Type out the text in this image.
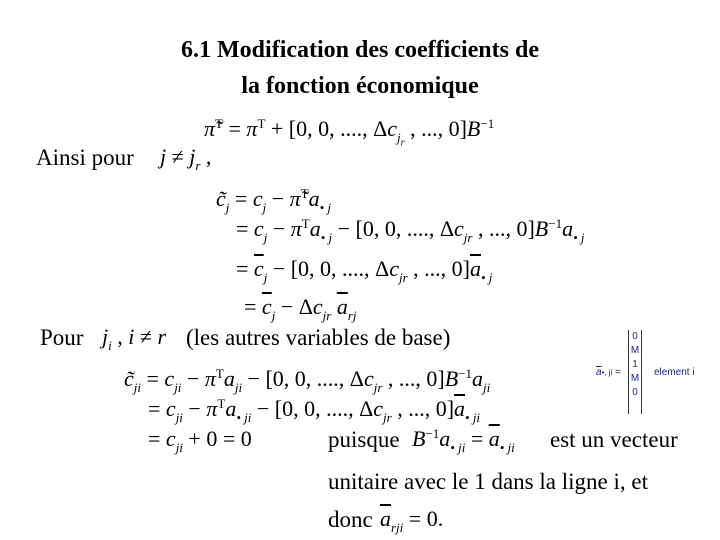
6.1 Modification des coefficients de
la fonction économique
π̃$^T$ = $\pi^T + [0$, 0, ...., $\Delta c_{j_r}$ , ..., $0]B^{-1}$
Ainsi pour $j \ne j_r$ ,
$c̃_j = c_j$ − $\pĩ^Ta_{• j}$
= $c_j - \pi^Ta_{• j} - [0$, 0, ...., $\Delta c_{jr}$ , ..., $0]B^{-1}a_{• j}$
= $\overline{c}_j - [0$, 0, ...., $\Delta c_{jr}$ , ..., $0]\overline{a}_{• j}$
= $\overline{c}_j - \Delta c_{jr}$ $\overline{a}_{rj}$
Pour $j_i$ , i ≠ r (les autres variables de base)
$c̃_{ji} = c_{ji} - \pi^Ta_{ji} - [0$, 0, ...., $\Delta c_{jr}$ , ..., $0]B^{-1}a_{ji}$
= $c_{ji} - \pi^Ta_{• ji} - [0$, 0, ...., $\Delta c_{jr}$ , ..., $0]\overline{a}_{• ji}$
= $c_{ji} + 0 = 0$	puisque $B^{-1}a_{• ji} = \overline{a}_{• ji}$ est un vecteur
unitaire avec le 1 dans la ligne i, et
donc $\overline{a}_{rji} = 0$.
$\overline{a}•$, ji =
0
M
1
M
0
element i
